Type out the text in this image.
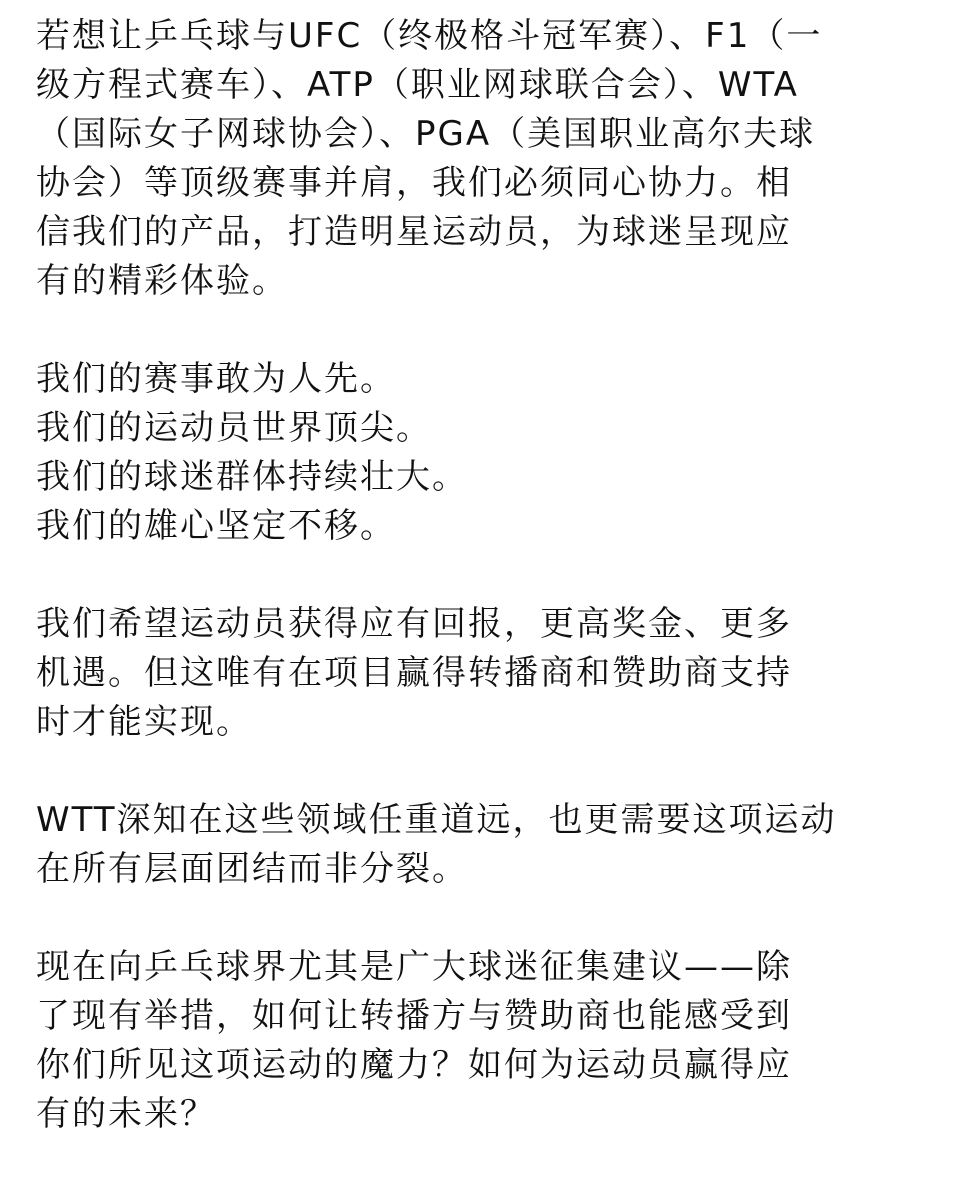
若想让乒乓球与UFC（终极格斗冠军赛）、F1（一

级方程式赛车）、ATP（职业网球联合会）、WTA

（国际女子网球协会）、PGA（美国职业高尔夫球

协会）等顶级赛事并肩，我们必须同心协力。相

信我们的产品，打造明星运动员，为球迷呈现应

有的精彩体验。

我们的赛事敢为人先。

我们的运动员世界顶尖。

我们的球迷群体持续壮大。

我们的雄心坚定不移。

我们希望运动员获得应有回报，更高奖金、更多

机遇。但这唯有在项目赢得转播商和赞助商支持

时才能实现。

WTT深知在这些领域任重道远，也更需要这项运动

在所有层面团结而非分裂。

现在向乒乓球界尤其是广大球迷征集建议——除

了现有举措，如何让转播方与赞助商也能感受到

你们所见这项运动的魔力？如何为运动员赢得应

有的未来？
